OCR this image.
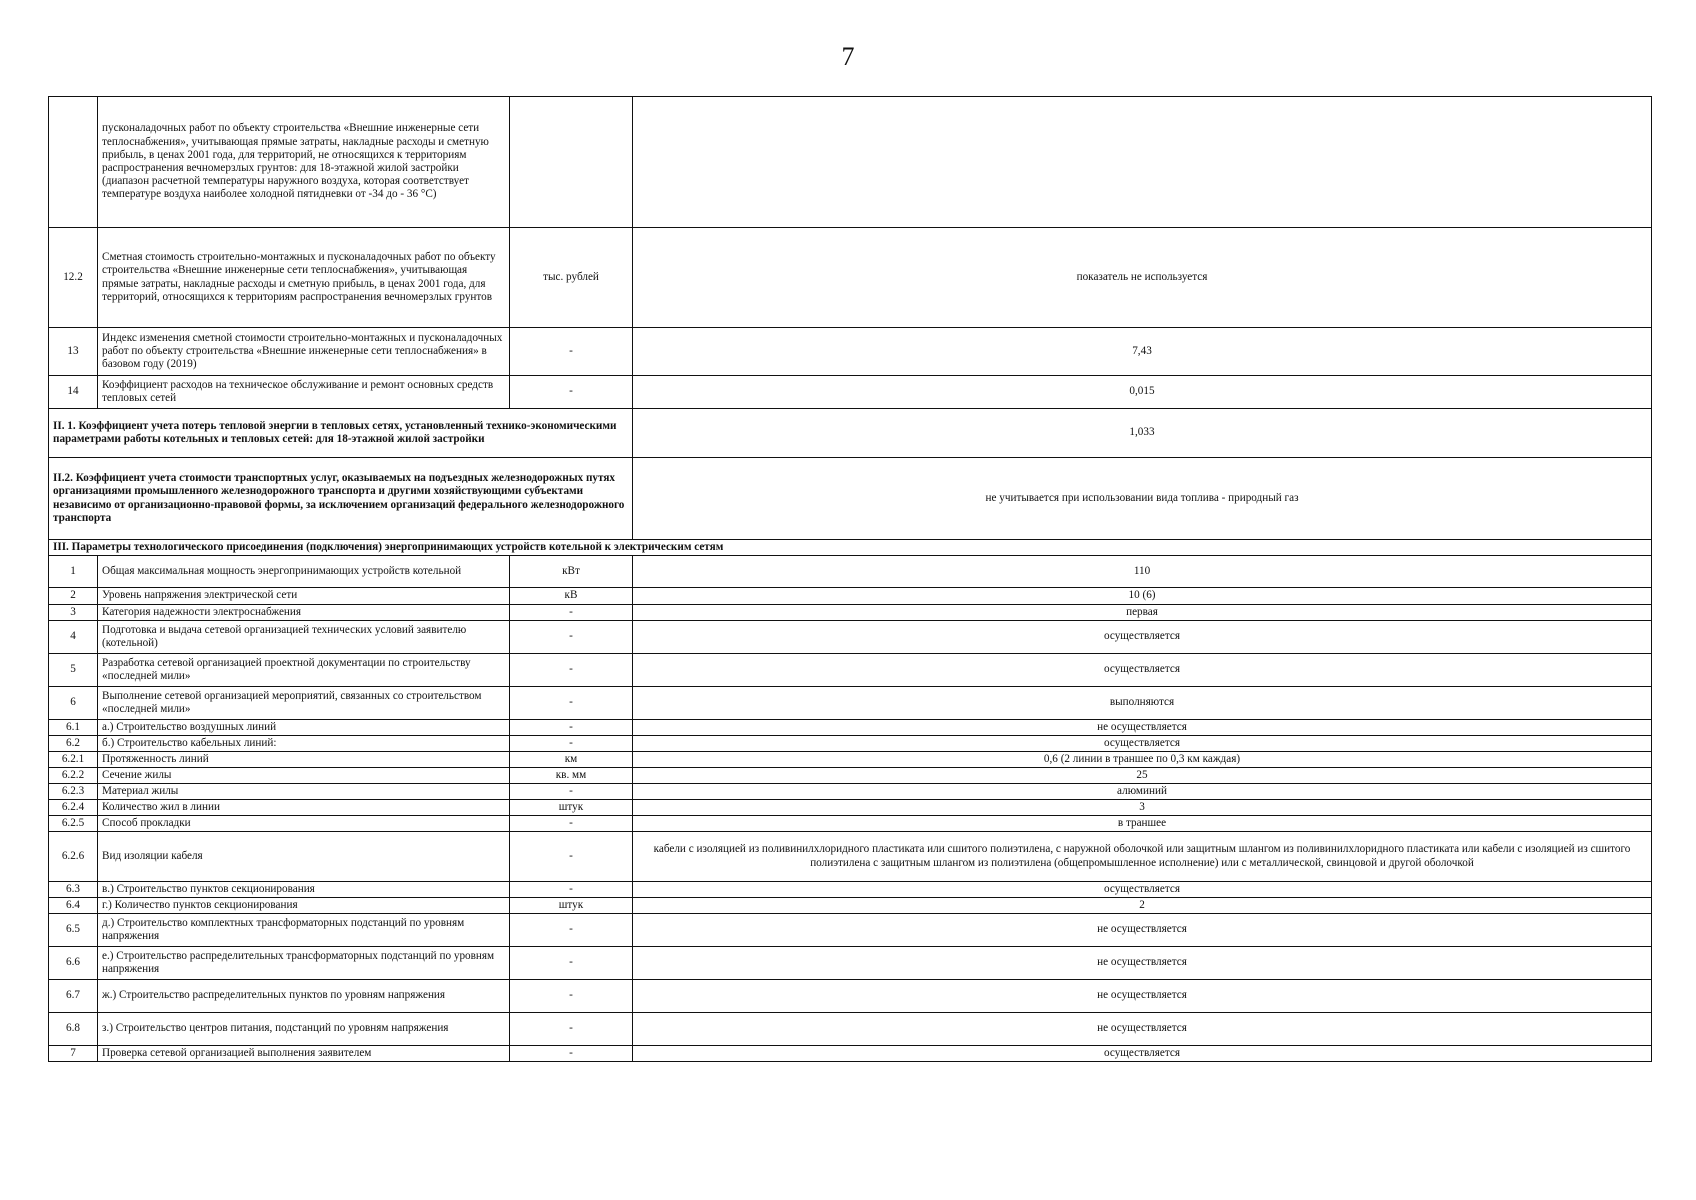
7
	пусконаладочных работ по объекту строительства «Внешние инженерные сети теплоснабжения», учитывающая прямые затраты, накладные расходы и сметную прибыль, в ценах 2001 года, для территорий, не относящихся к территориям распространения вечномерзлых грунтов: для 18-этажной жилой застройки (диапазон расчетной температуры наружного воздуха, которая соответствует температуре воздуха наиболее холодной пятидневки от -34 до - 36 °С)		
12.2	Сметная стоимость строительно-монтажных и пусконаладочных работ по объекту строительства «Внешние инженерные сети теплоснабжения», учитывающая прямые затраты, накладные расходы и сметную прибыль, в ценах 2001 года, для территорий, относящихся к территориям распространения вечномерзлых грунтов	тыс. рублей	показатель не используется
13	Индекс изменения сметной стоимости строительно-монтажных и пусконаладочных работ по объекту строительства «Внешние инженерные сети теплоснабжения» в базовом году (2019)	-	7,43
14	Коэффициент расходов на техническое обслуживание и ремонт основных средств тепловых сетей	-	0,015
II. 1. Коэффициент учета потерь тепловой энергии в тепловых сетях, установленный технико-экономическими параметрами работы котельных и тепловых сетей: для 18-этажной жилой застройки			1,033
II.2. Коэффициент учета стоимости транспортных услуг, оказываемых на подъездных железнодорожных путях организациями промышленного железнодорожного транспорта и другими хозяйствующими субъектами независимо от организационно-правовой формы, за исключением организаций федерального железнодорожного транспорта			не учитывается при использовании вида топлива - природный газ
III. Параметры технологического присоединения (подключения) энергопринимающих устройств котельной к электрическим сетям			
1	Общая максимальная мощность энергопринимающих устройств котельной	кВт	110
2	Уровень напряжения электрической сети	кВ	10 (6)
3	Категория надежности электроснабжения	-	первая
4	Подготовка и выдача сетевой организацией технических условий заявителю (котельной)	-	осуществляется
5	Разработка сетевой организацией проектной документации по строительству «последней мили»	-	осуществляется
6	Выполнение сетевой организацией мероприятий, связанных со строительством «последней мили»	-	выполняются
6.1	а.) Строительство воздушных линий	-	не осуществляется
6.2	б.) Строительство кабельных линий:	-	осуществляется
6.2.1	Протяженность линий	км	0,6 (2 линии в траншее по 0,3 км каждая)
6.2.2	Сечение жилы	кв. мм	25
6.2.3	Материал жилы	-	алюминий
6.2.4	Количество жил в линии	штук	3
6.2.5	Способ прокладки	-	в траншее
6.2.6	Вид изоляции кабеля	-	кабели с изоляцией из поливинилхлоридного пластиката или сшитого полиэтилена, с наружной оболочкой или защитным шлангом из поливинилхлоридного пластиката или кабели с изоляцией из сшитого полиэтилена с защитным шлангом из полиэтилена (общепромышленное исполнение) или с металлической, свинцовой и другой оболочкой
6.3	в.) Строительство пунктов секционирования	-	осуществляется
6.4	г.) Количество пунктов секционирования	штук	2
6.5	д.) Строительство комплектных трансформаторных подстанций по уровням напряжения	-	не осуществляется
6.6	е.) Строительство распределительных трансформаторных подстанций по уровням напряжения	-	не осуществляется
6.7	ж.) Строительство распределительных пунктов по уровням напряжения	-	не осуществляется
6.8	з.) Строительство центров питания, подстанций по уровням напряжения	-	не осуществляется
7	Проверка сетевой организацией выполнения заявителем	-	осуществляется
